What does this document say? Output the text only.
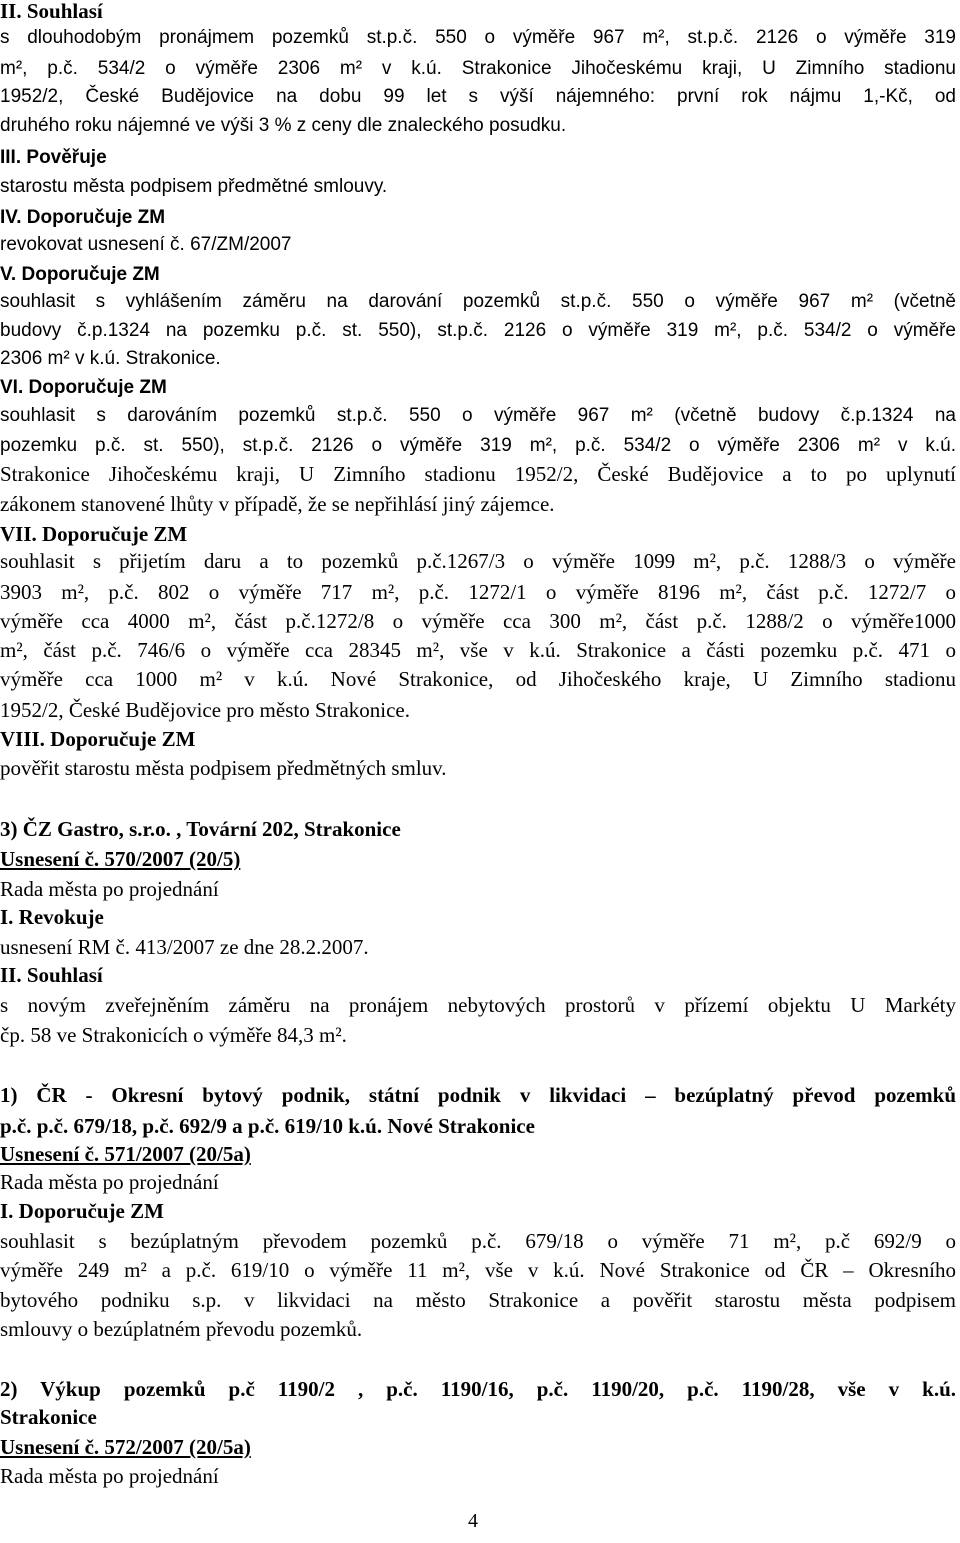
II. Souhlasí
s dlouhodobým pronájmem pozemků st.p.č. 550 o výměře 967 m², st.p.č. 2126 o výměře 319
m², p.č. 534/2 o výměře 2306 m² v k.ú. Strakonice Jihočeskému kraji, U Zimního stadionu
1952/2, České Budějovice na dobu 99 let s výší nájemného: první rok nájmu 1,-Kč, od
druhého roku nájemné ve výši 3 % z ceny dle znaleckého posudku.
III. Pověřuje
starostu města podpisem předmětné smlouvy.
IV. Doporučuje ZM
revokovat usnesení č. 67/ZM/2007
V. Doporučuje ZM
souhlasit s vyhlášením záměru na darování pozemků st.p.č. 550 o výměře 967 m² (včetně
budovy č.p.1324 na pozemku p.č. st. 550), st.p.č. 2126 o výměře 319 m², p.č. 534/2 o výměře
2306 m² v k.ú. Strakonice.
VI. Doporučuje ZM
souhlasit s darováním pozemků st.p.č. 550 o výměře 967 m² (včetně budovy č.p.1324 na
pozemku p.č. st. 550), st.p.č. 2126 o výměře 319 m², p.č. 534/2 o výměře 2306 m² v k.ú.
Strakonice Jihočeskému kraji, U Zimního stadionu 1952/2, České Budějovice a to po uplynutí
zákonem stanovené lhůty v případě, že se nepřihlásí jiný zájemce.
VII. Doporučuje ZM
souhlasit s přijetím daru a to pozemků p.č.1267/3 o výměře 1099 m², p.č. 1288/3 o výměře
3903 m², p.č. 802 o výměře 717 m², p.č. 1272/1 o výměře 8196 m², část p.č. 1272/7 o
výměře cca 4000 m², část p.č.1272/8 o výměře cca 300 m², část p.č. 1288/2 o výměře1000
m², část p.č. 746/6 o výměře cca 28345 m², vše v k.ú. Strakonice a části pozemku p.č. 471 o
výměře cca 1000 m² v k.ú. Nové Strakonice, od Jihočeského kraje, U Zimního stadionu
1952/2, České Budějovice pro město Strakonice.
VIII. Doporučuje ZM
pověřit starostu města podpisem předmětných smluv.
3) ČZ Gastro, s.r.o. , Tovární 202, Strakonice
Usnesení č. 570/2007 (20/5)
Rada města po projednání
I. Revokuje
usnesení RM č. 413/2007 ze dne 28.2.2007.
II. Souhlasí
s novým zveřejněním záměru na pronájem nebytových prostorů v přízemí objektu U Markéty
čp. 58 ve Strakonicích o výměře 84,3 m².
1) ČR - Okresní bytový podnik, státní podnik v likvidaci – bezúplatný převod pozemků
p.č. p.č. 679/18, p.č. 692/9 a p.č. 619/10 k.ú. Nové Strakonice
Usnesení č. 571/2007 (20/5a)
Rada města po projednání
I. Doporučuje ZM
souhlasit s bezúplatným převodem pozemků p.č. 679/18 o výměře 71 m², p.č 692/9 o
výměře 249 m² a p.č. 619/10 o výměře 11 m², vše v k.ú. Nové Strakonice od ČR – Okresního
bytového podniku s.p. v likvidaci na město Strakonice a pověřit starostu města podpisem
smlouvy o bezúplatném převodu pozemků.
2) Výkup pozemků p.č 1190/2 , p.č. 1190/16, p.č. 1190/20, p.č. 1190/28, vše v k.ú.
Strakonice
Usnesení č. 572/2007 (20/5a)
Rada města po projednání
4
